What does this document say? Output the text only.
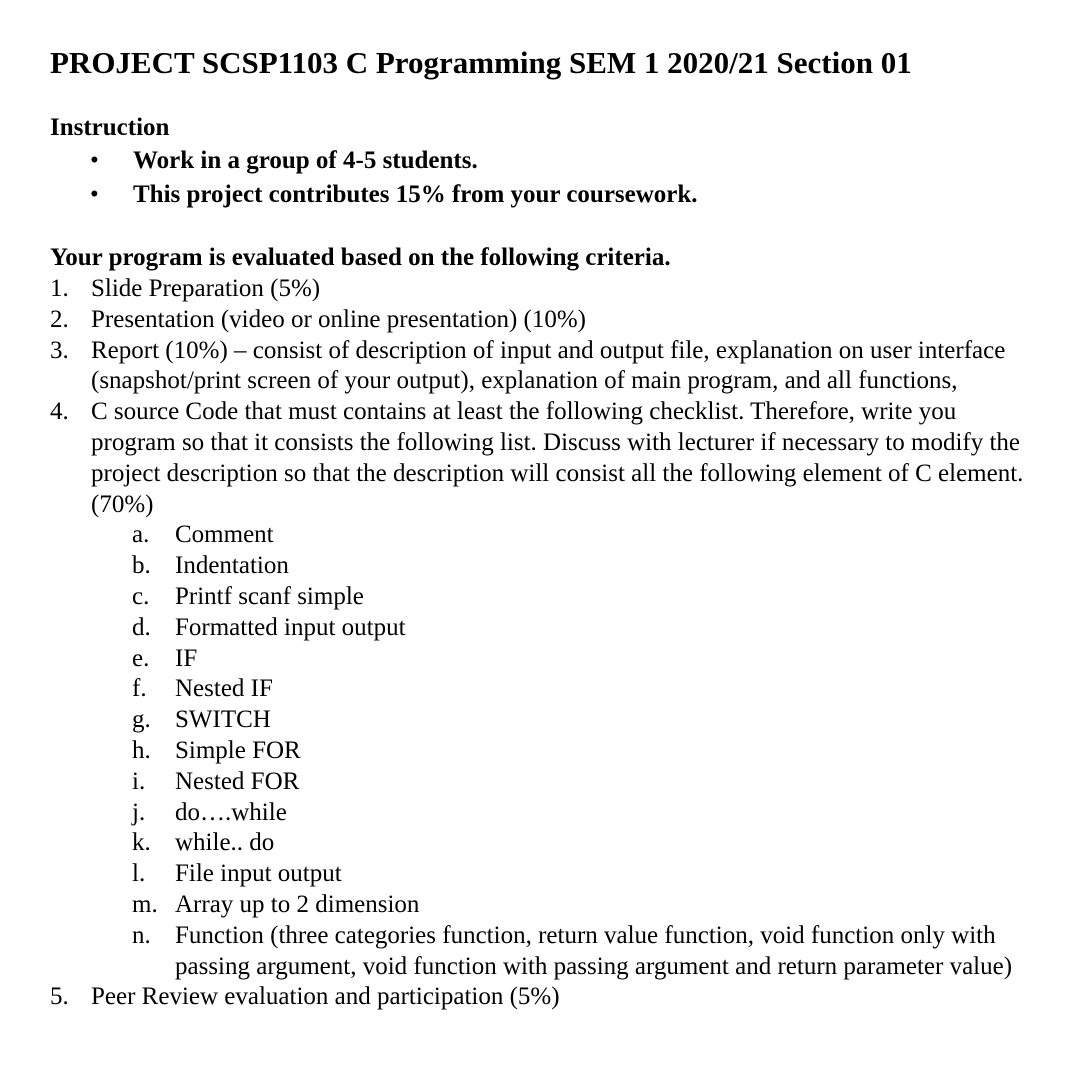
PROJECT SCSP1103 C Programming SEM 1 2020/21 Section 01
Instruction
• Work in a group of 4-5 students.
• This project contributes 15% from your coursework.
Your program is evaluated based on the following criteria.
1. Slide Preparation (5%)
2. Presentation (video or online presentation) (10%)
3. Report (10%) – consist of description of input and output file, explanation on user interface (snapshot/print screen of your output), explanation of main program, and all functions,
4. C source Code that must contains at least the following checklist. Therefore, write you program so that it consists the following list. Discuss with lecturer if necessary to modify the project description so that the description will consist all the following element of C element. (70%)
a. Comment
b. Indentation
c. Printf scanf simple
d. Formatted input output
e. IF
f. Nested IF
g. SWITCH
h. Simple FOR
i. Nested FOR
j. do….while
k. while.. do
l. File input output
m. Array up to 2 dimension
n. Function (three categories function, return value function, void function only with passing argument, void function with passing argument and return parameter value)
5. Peer Review evaluation and participation (5%)
